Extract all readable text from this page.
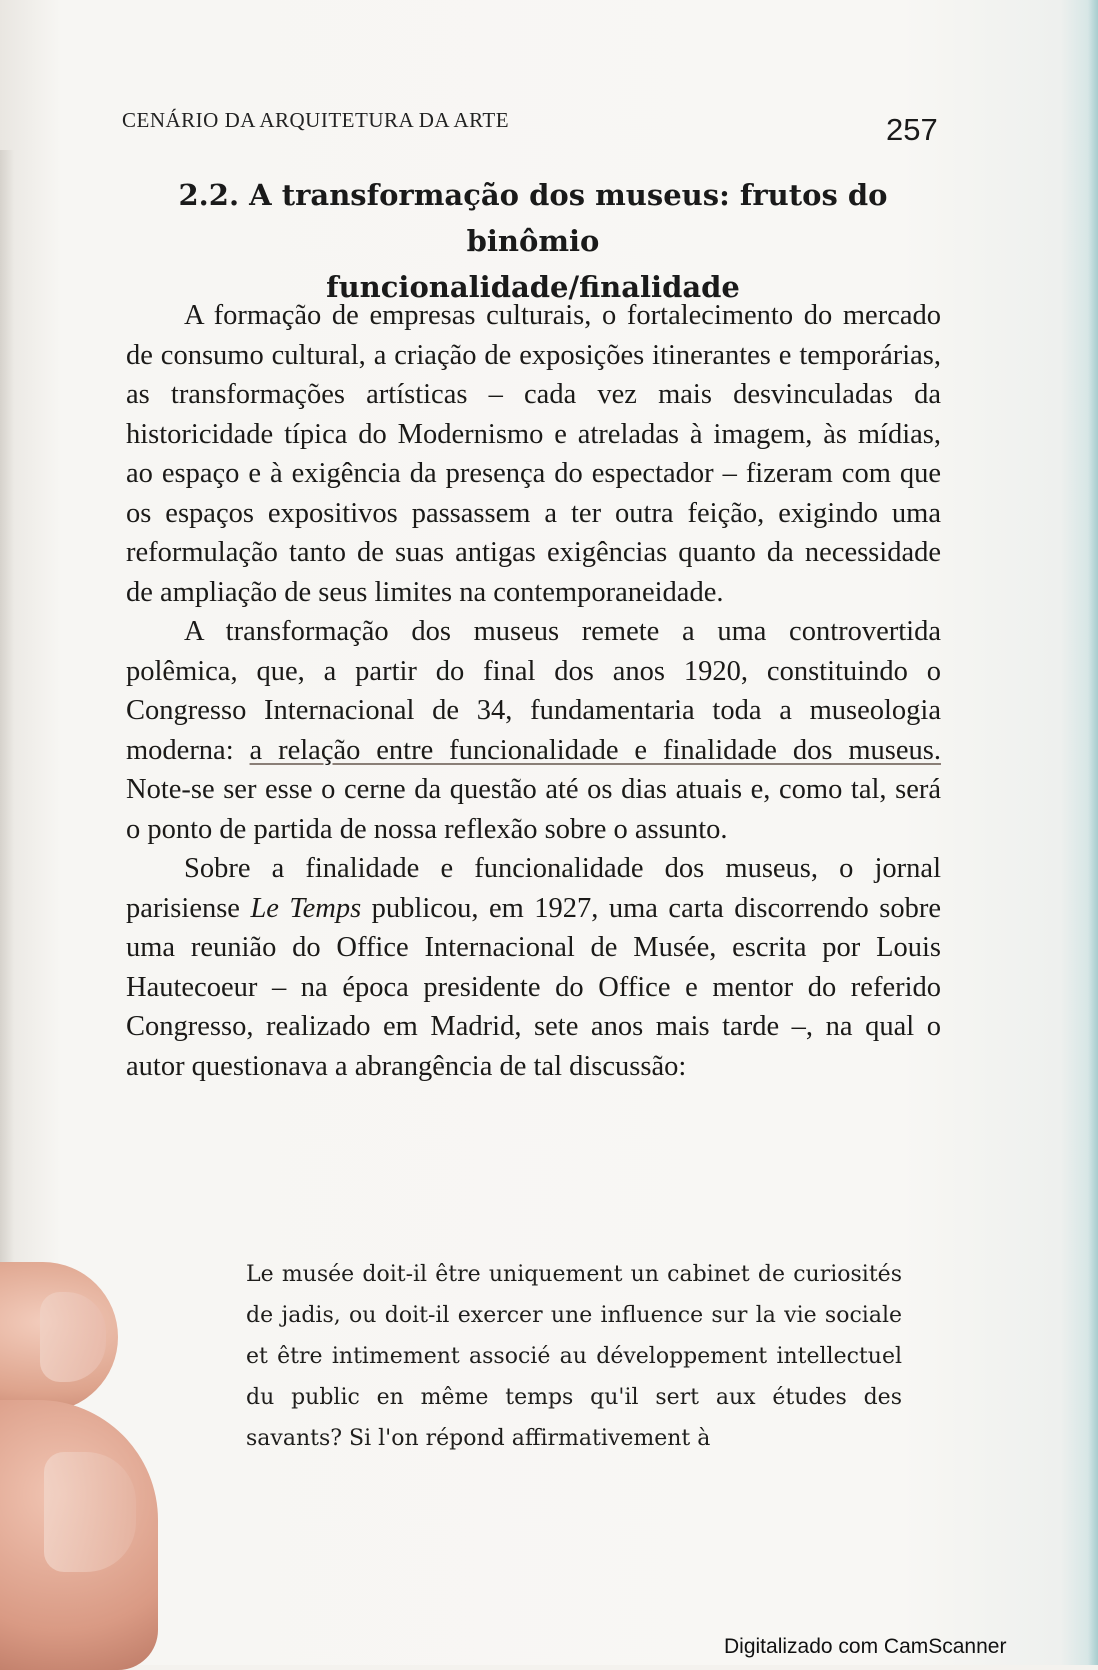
CENÁRIO DA ARQUITETURA DA ARTE	257
2.2. A transformação dos museus: frutos do binômio
funcionalidade/finalidade

A formação de empresas culturais, o fortalecimento do mercado de consumo cultural, a criação de exposições itinerantes e temporárias, as transformações artísticas – cada vez mais desvinculadas da historicidade típica do Modernismo e atreladas à imagem, às mídias, ao espaço e à exigência da presença do espectador – fizeram com que os espaços expositivos passassem a ter outra feição, exigindo uma reformulação tanto de suas antigas exigências quanto da necessidade de ampliação de seus limites na contemporaneidade.

A transformação dos museus remete a uma controvertida polêmica, que, a partir do final dos anos 1920, constituindo o Congresso Internacional de 34, fundamentaria toda a museologia moderna: a relação entre funcionalidade e finalidade dos museus. Note-se ser esse o cerne da questão até os dias atuais e, como tal, será o ponto de partida de nossa reflexão sobre o assunto.

Sobre a finalidade e funcionalidade dos museus, o jornal parisiense Le Temps publicou, em 1927, uma carta discorrendo sobre uma reunião do Office Internacional de Musée, escrita por Louis Hautecoeur – na época presidente do Office e mentor do referido Congresso, realizado em Madrid, sete anos mais tarde –, na qual o autor questionava a abrangência de tal discussão:

Le musée doit-il être uniquement un cabinet de curiosités de jadis, ou doit-il exercer une influence sur la vie sociale et être intimement associé au développement intellectuel du public en même temps qu'il sert aux études des savants? Si l'on répond affirmativement à
Digitalizado com CamScanner
